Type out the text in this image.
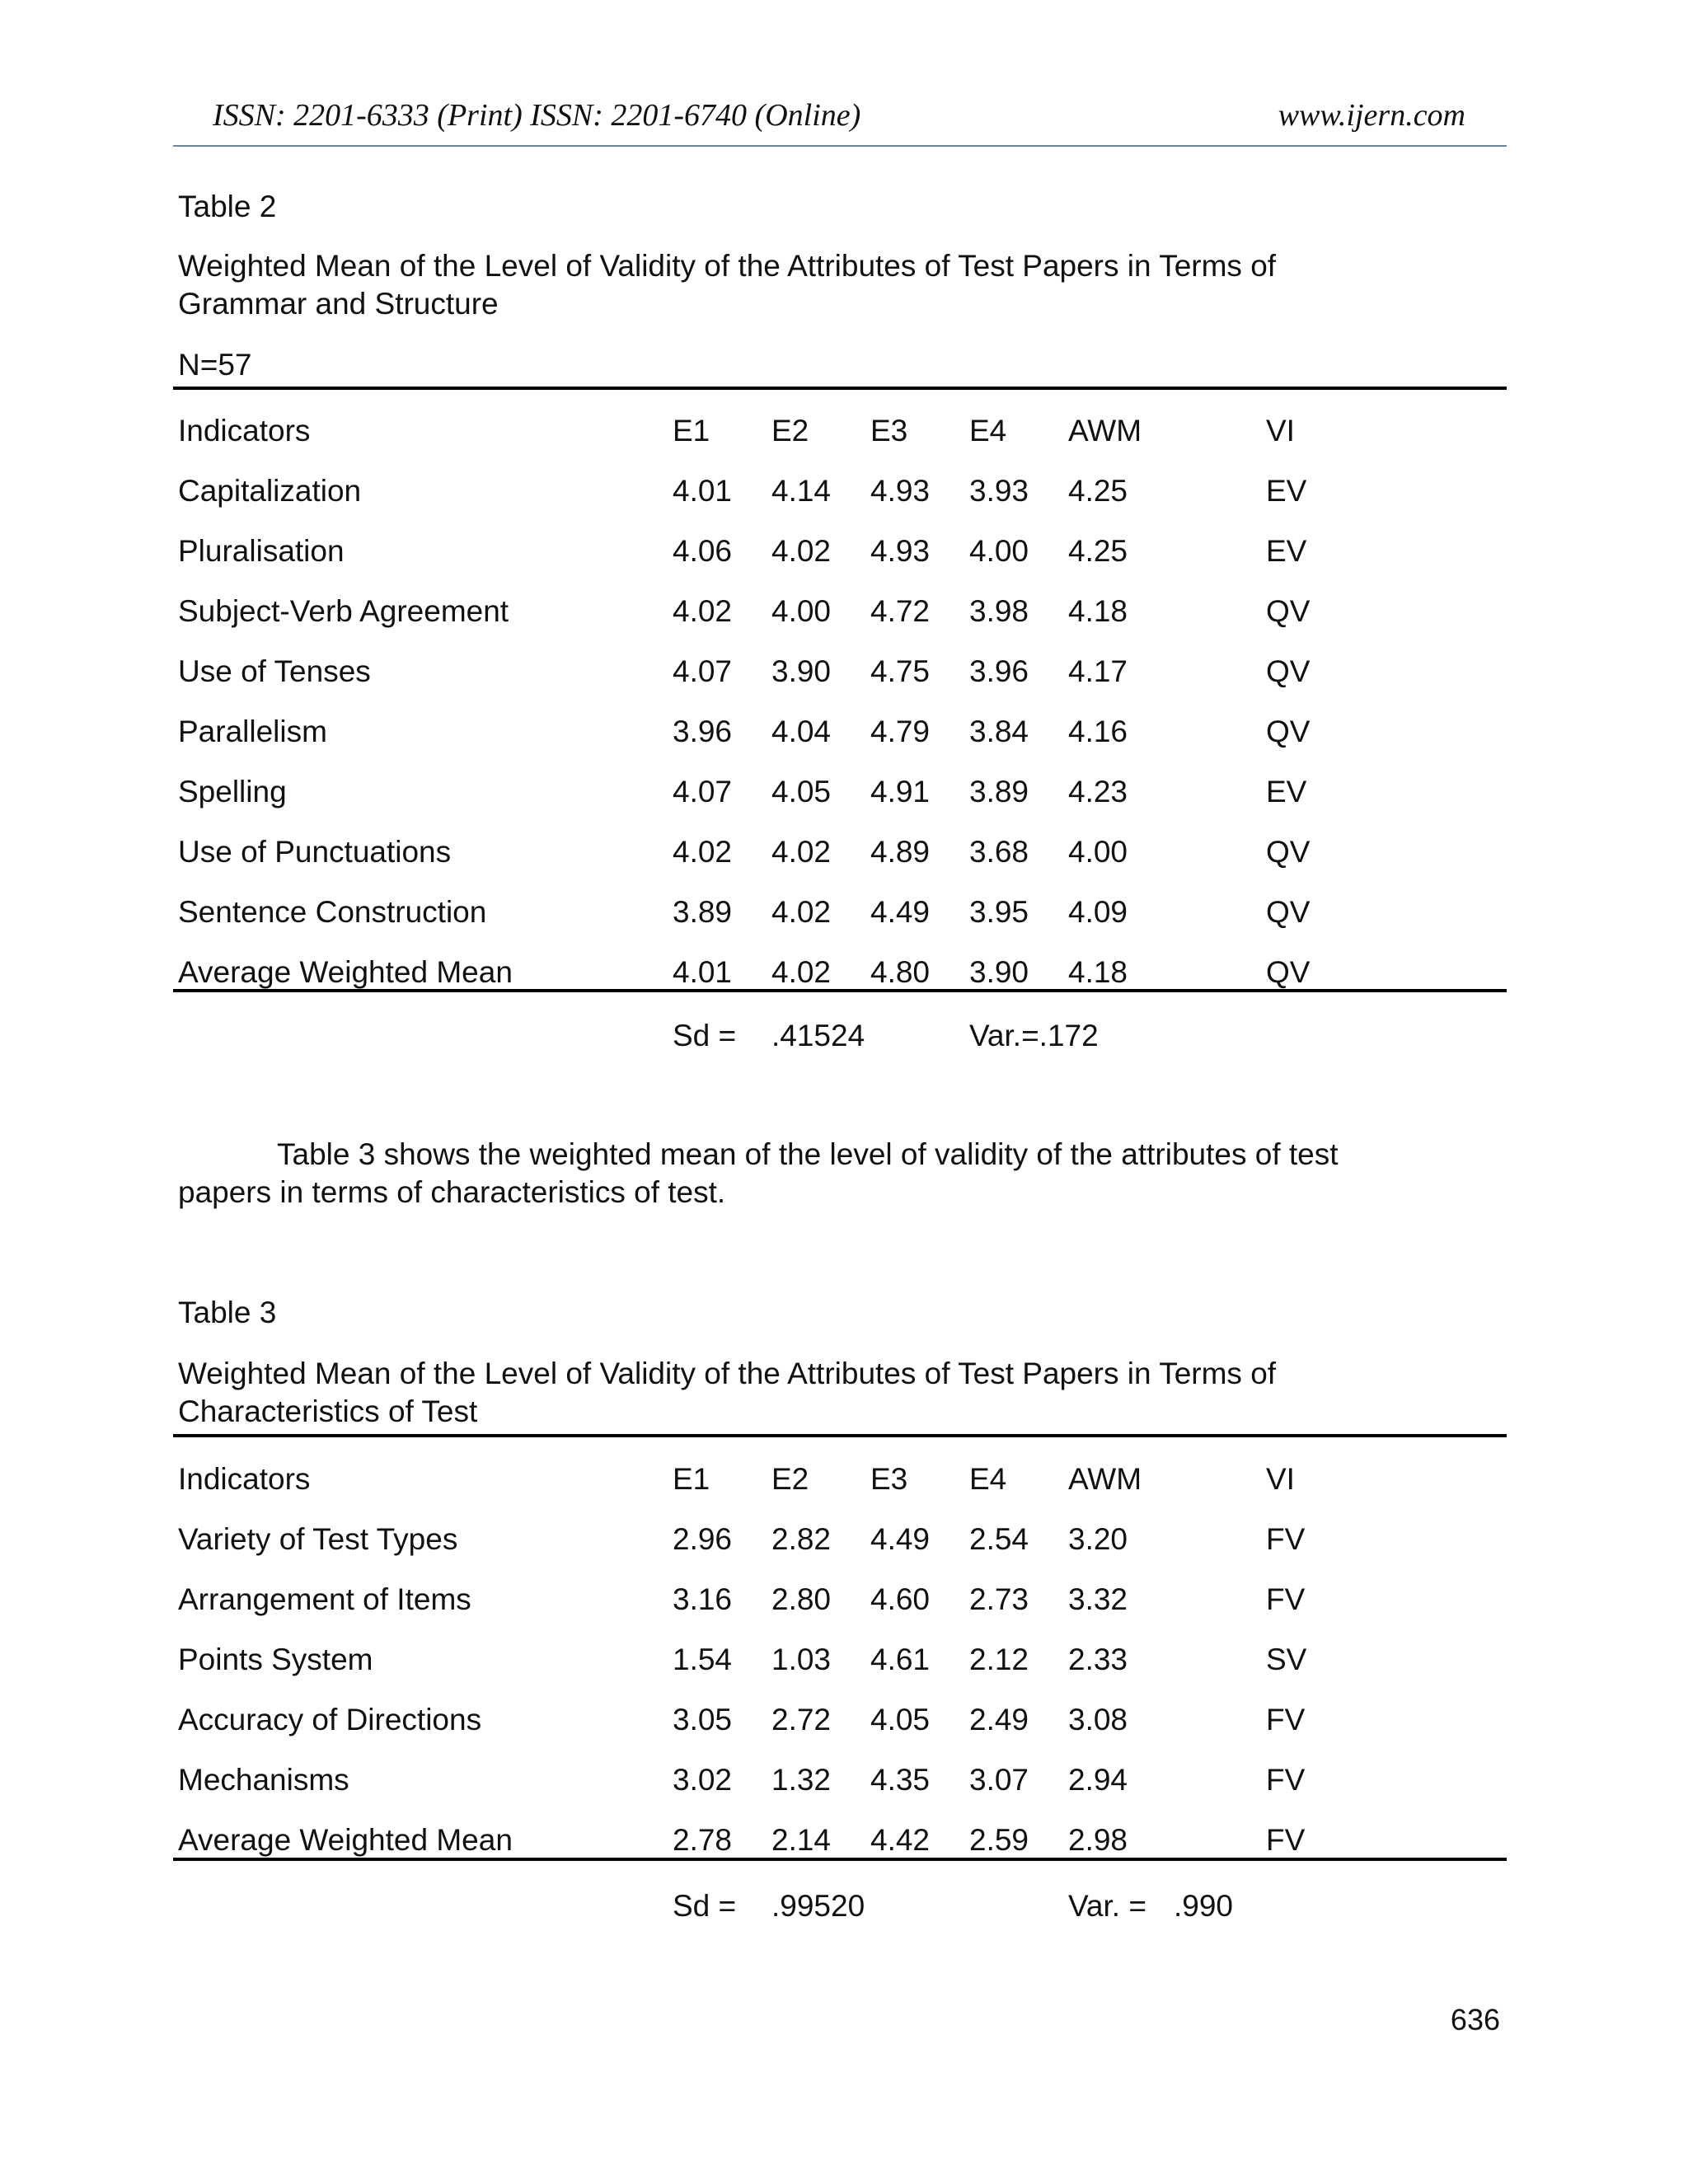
ISSN: 2201-6333 (Print) ISSN: 2201-6740 (Online)	www.ijern.com
Table 2
Weighted Mean of the Level of Validity of the Attributes of Test Papers in Terms of
Grammar and Structure
N=57
Indicators	E1 E2 E3 E4 AWM	VI
Capitalization	4.01 4.14 4.93 3.93 4.25	EV
Pluralisation	4.06 4.02 4.93 4.00 4.25	EV
Subject-Verb Agreement	4.02 4.00 4.72 3.98 4.18	QV
Use of Tenses	4.07 3.90 4.75 3.96 4.17	QV
Parallelism	3.96 4.04 4.79 3.84 4.16	QV
Spelling	4.07 4.05 4.91 3.89 4.23	EV
Use of Punctuations	4.02 4.02 4.89 3.68 4.00	QV
Sentence Construction	3.89 4.02 4.49 3.95 4.09	QV
Average Weighted Mean	4.01 4.02 4.80 3.90 4.18	QV
Sd = .41524	Var.=.172
Table 3 shows the weighted mean of the level of validity of the attributes of test
papers in terms of characteristics of test.
Table 3
Weighted Mean of the Level of Validity of the Attributes of Test Papers in Terms of
Characteristics of Test
Indicators	E1 E2 E3 E4 AWM	VI
Variety of Test Types	2.96 2.82 4.49 2.54 3.20	FV
Arrangement of Items	3.16 2.80 4.60 2.73 3.32	FV
Points System	1.54 1.03 4.61 2.12 2.33	SV
Accuracy of Directions	3.05 2.72 4.05 2.49 3.08	FV
Mechanisms	3.02 1.32 4.35 3.07 2.94	FV
Average Weighted Mean	2.78 2.14 4.42 2.59 2.98	FV
Sd = .99520	Var. = .990
636
